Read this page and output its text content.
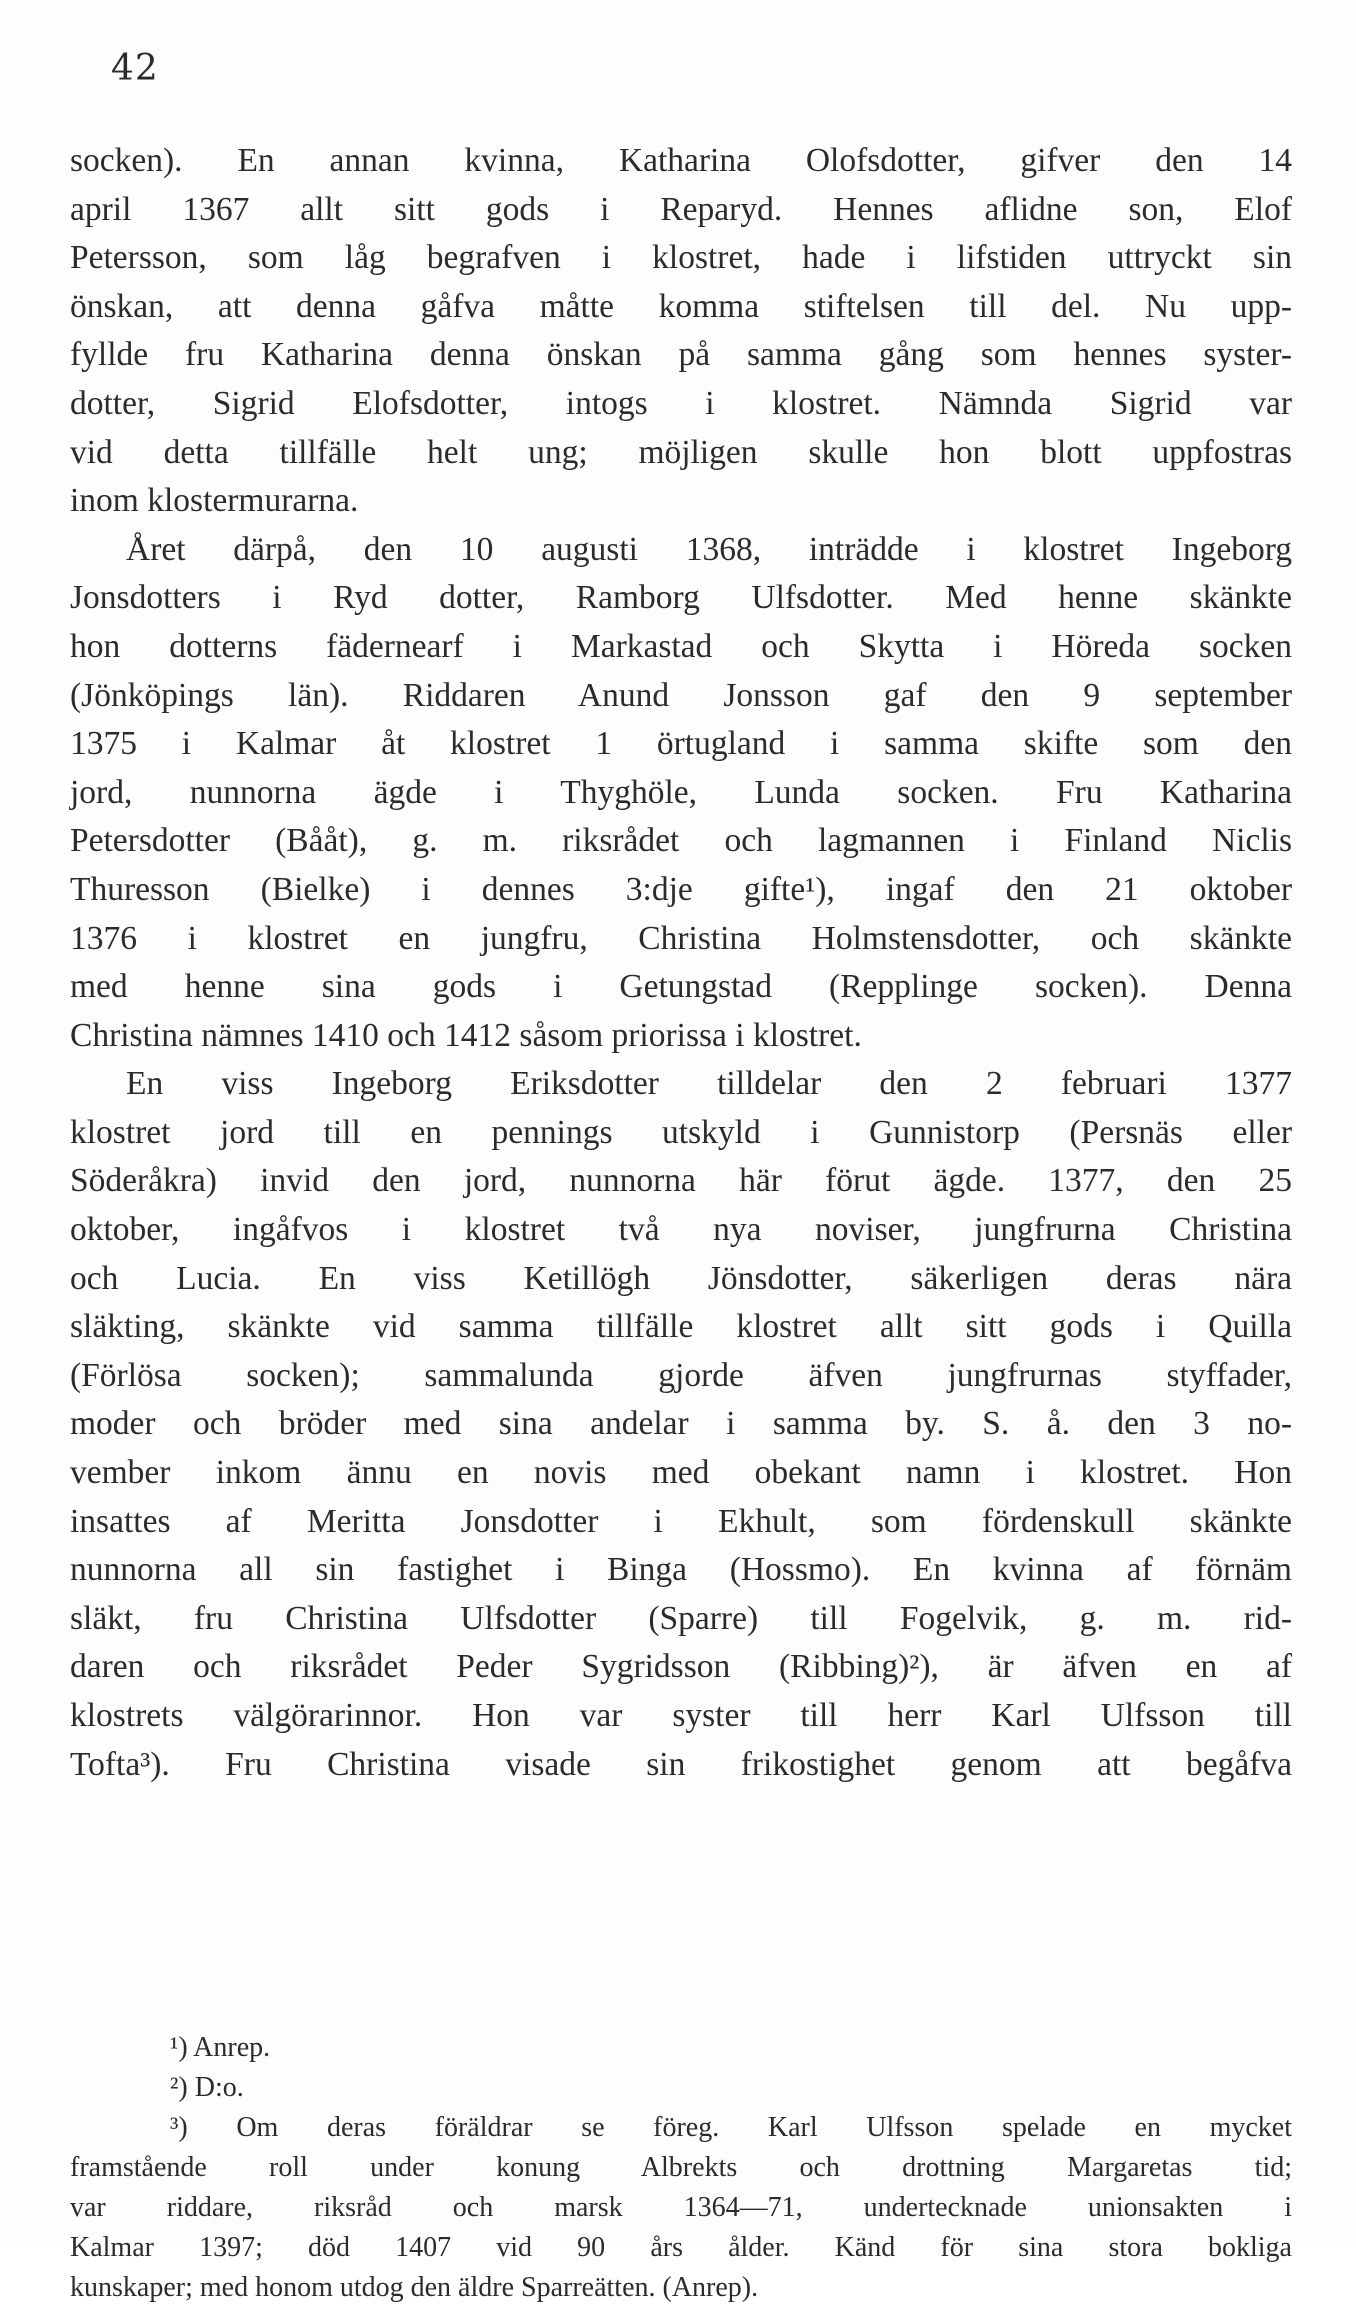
42
socken). En annan kvinna, Katharina Olofsdotter, gifver den 14
april 1367 allt sitt gods i Reparyd. Hennes aflidne son, Elof
Petersson, som låg begrafven i klostret, hade i lifstiden uttryckt sin
önskan, att denna gåfva måtte komma stiftelsen till del. Nu upp-
fyllde fru Katharina denna önskan på samma gång som hennes syster-
dotter, Sigrid Elofsdotter, intogs i klostret. Nämnda Sigrid var
vid detta tillfälle helt ung; möjligen skulle hon blott uppfostras
inom klostermurarna.
Året därpå, den 10 augusti 1368, inträdde i klostret Ingeborg
Jonsdotters i Ryd dotter, Ramborg Ulfsdotter. Med henne skänkte
hon dotterns fädernearf i Markastad och Skytta i Höreda socken
(Jönköpings län). Riddaren Anund Jonsson gaf den 9 september
1375 i Kalmar åt klostret 1 örtugland i samma skifte som den
jord, nunnorna ägde i Thyghöle, Lunda socken. Fru Katharina
Petersdotter (Bååt), g. m. riksrådet och lagmannen i Finland Niclis
Thuresson (Bielke) i dennes 3:dje gifte¹), ingaf den 21 oktober
1376 i klostret en jungfru, Christina Holmstensdotter, och skänkte
med henne sina gods i Getungstad (Repplinge socken). Denna
Christina nämnes 1410 och 1412 såsom priorissa i klostret.
En viss Ingeborg Eriksdotter tilldelar den 2 februari 1377
klostret jord till en pennings utskyld i Gunnistorp (Persnäs eller
Söderåkra) invid den jord, nunnorna här förut ägde. 1377, den 25
oktober, ingåfvos i klostret två nya noviser, jungfrurna Christina
och Lucia. En viss Ketillögh Jönsdotter, säkerligen deras nära
släkting, skänkte vid samma tillfälle klostret allt sitt gods i Quilla
(Förlösa socken); sammalunda gjorde äfven jungfrurnas styffader,
moder och bröder med sina andelar i samma by. S. å. den 3 no-
vember inkom ännu en novis med obekant namn i klostret. Hon
insattes af Meritta Jonsdotter i Ekhult, som fördenskull skänkte
nunnorna all sin fastighet i Binga (Hossmo). En kvinna af förnäm
släkt, fru Christina Ulfsdotter (Sparre) till Fogelvik, g. m. rid-
daren och riksrådet Peder Sygridsson (Ribbing)²), är äfven en af
klostrets välgörarinnor. Hon var syster till herr Karl Ulfsson till
Tofta³). Fru Christina visade sin frikostighet genom att begåfva
¹) Anrep.
²) D:o.
³) Om deras föräldrar se föreg. Karl Ulfsson spelade en mycket
framstående roll under konung Albrekts och drottning Margaretas tid;
var riddare, riksråd och marsk 1364—71, undertecknade unionsakten i
Kalmar 1397; död 1407 vid 90 års ålder. Känd för sina stora bokliga
kunskaper; med honom utdog den äldre Sparreätten. (Anrep).
